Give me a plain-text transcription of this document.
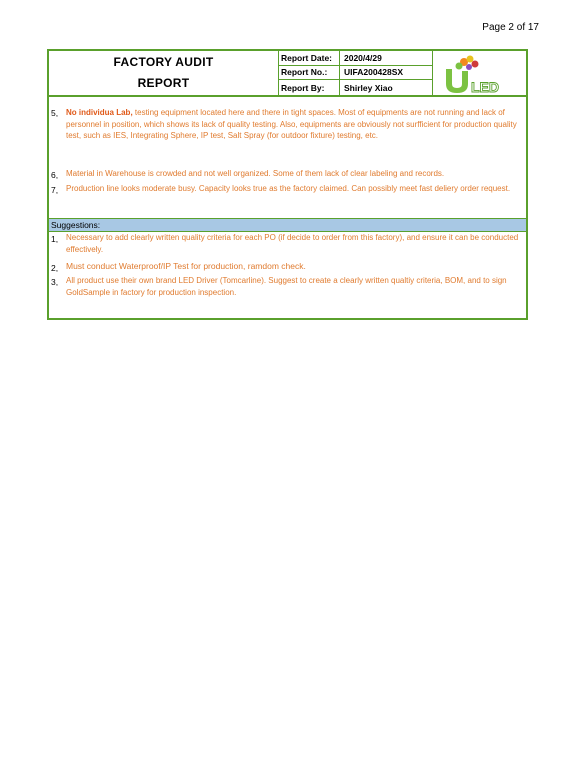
Page 2 of 17
FACTORY AUDIT
REPORT
Report Date:	2020/4/29
Report No.:	UIFA200428SX
Report By:	Shirley Xiao	LED
5, No individua Lab, testing equipment located here and there in tight spaces. Most of equipments are not running and lack of personnel in position, which shows its lack of quality testing. Also, equipments are obviously not surfficient for production quality test, such as IES, Integrating Sphere, IP test, Salt Spray (for outdoor fixture) testing, etc.
6, Material in Warehouse is crowded and not well organized. Some of them lack of clear labeling and records.
7, Production line looks moderate busy. Capacity looks true as the factory claimed. Can possibly meet fast deliery order request.
Suggestions:
1, Necessary to add clearly written quality criteria for each PO (if decide to order from this factory), and ensure it can be conducted effectively.
2, Must conduct Waterproof/IP Test for production, ramdom check.
3, All product use their own brand LED Driver (Tomcarline). Suggest to create a clearly written qualtiy criteria, BOM, and to sign GoldSample in factory for production inspection.
